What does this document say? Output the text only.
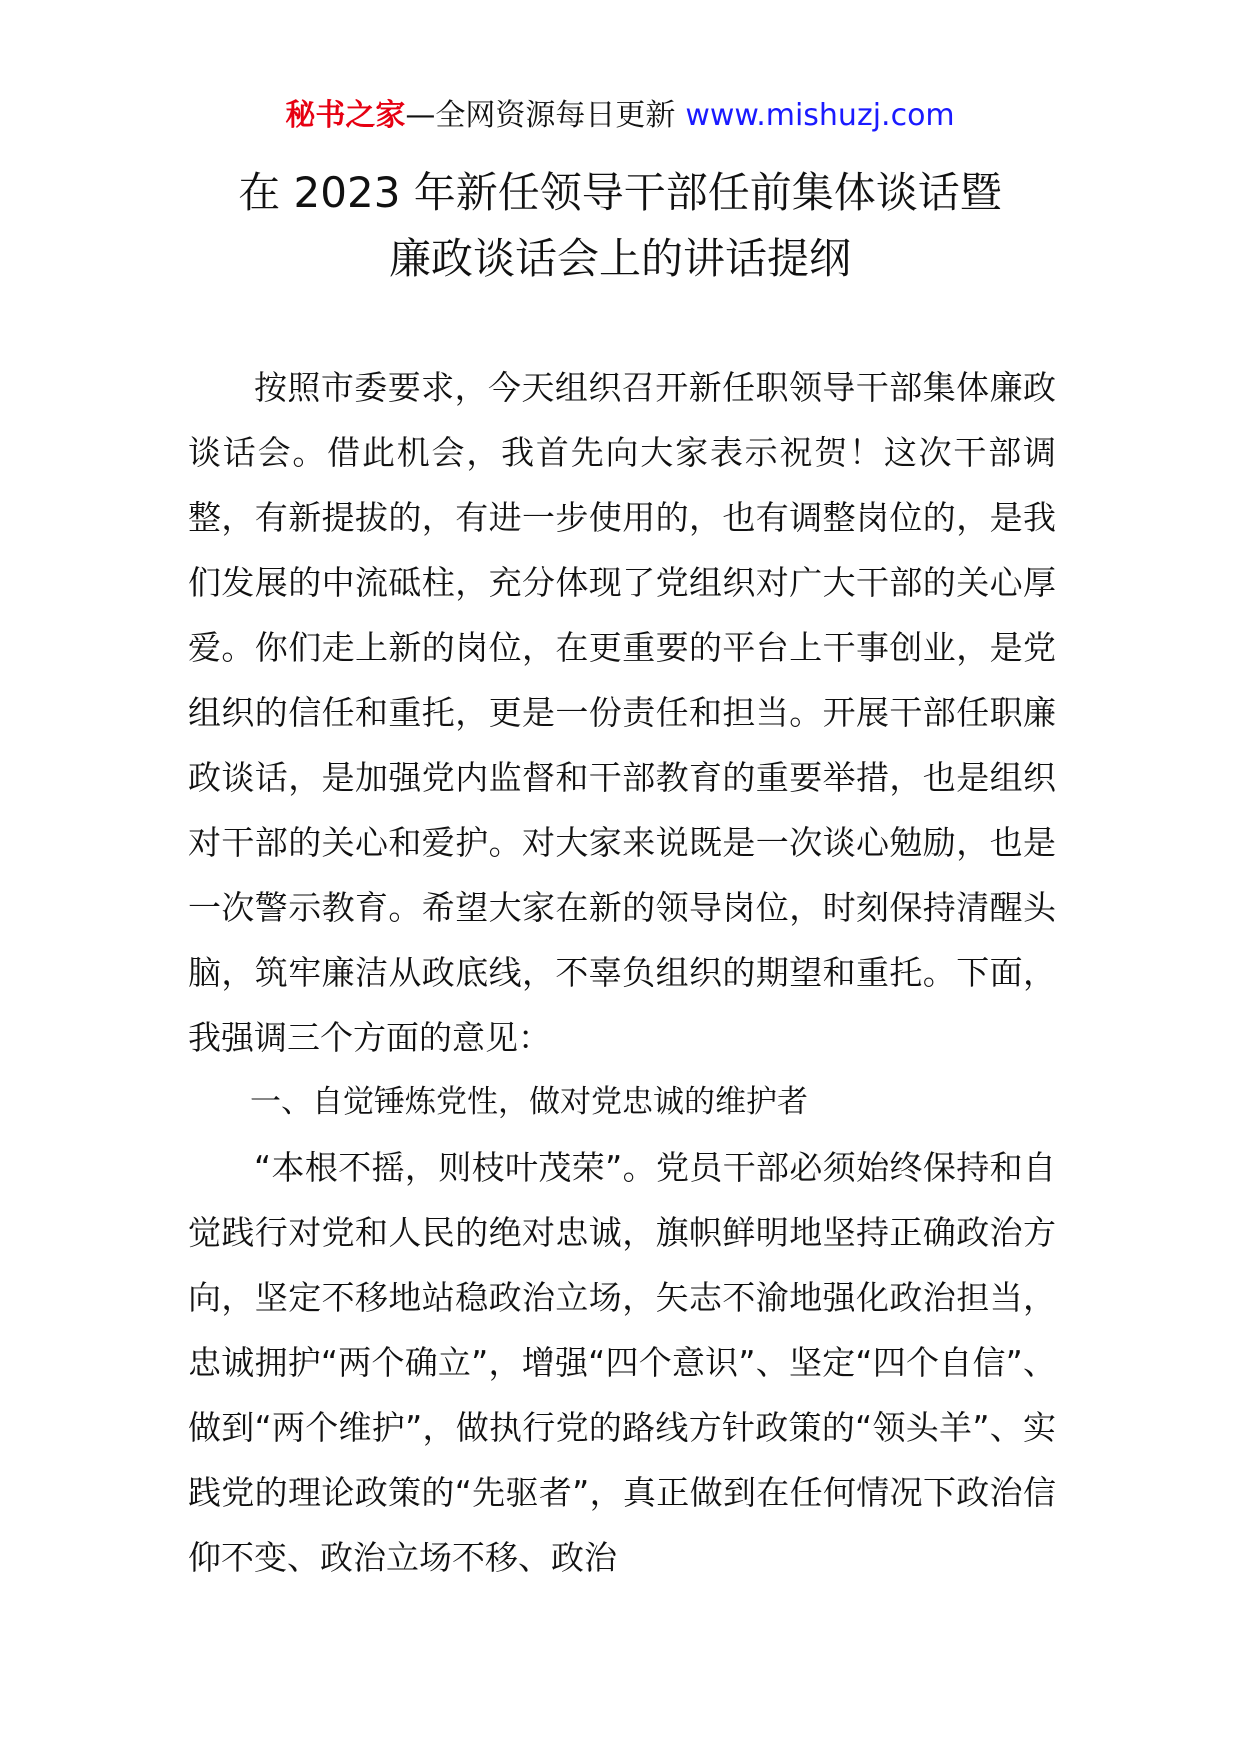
秘书之家—全网资源每日更新 www.mishuzj.com
在 2023 年新任领导干部任前集体谈话暨
廉政谈话会上的讲话提纲

按照市委要求，今天组织召开新任职领导干部集体廉政谈话会。借此机会，我首先向大家表示祝贺！这次干部调整，有新提拔的，有进一步使用的，也有调整岗位的，是我们发展的中流砥柱，充分体现了党组织对广大干部的关心厚爱。你们走上新的岗位，在更重要的平台上干事创业，是党组织的信任和重托，更是一份责任和担当。开展干部任职廉政谈话，是加强党内监督和干部教育的重要举措，也是组织对干部的关心和爱护。对大家来说既是一次谈心勉励，也是一次警示教育。希望大家在新的领导岗位，时刻保持清醒头脑，筑牢廉洁从政底线，不辜负组织的期望和重托。下面，我强调三个方面的意见：

一、自觉锤炼党性，做对党忠诚的维护者

“本根不摇，则枝叶茂荣”。党员干部必须始终保持和自觉践行对党和人民的绝对忠诚，旗帜鲜明地坚持正确政治方向，坚定不移地站稳政治立场，矢志不渝地强化政治担当，忠诚拥护“两个确立”，增强“四个意识”、坚定“四个自信”、做到“两个维护”，做执行党的路线方针政策的“领头羊”、实践党的理论政策的“先驱者”，真正做到在任何情况下政治信仰不变、政治立场不移、政治
